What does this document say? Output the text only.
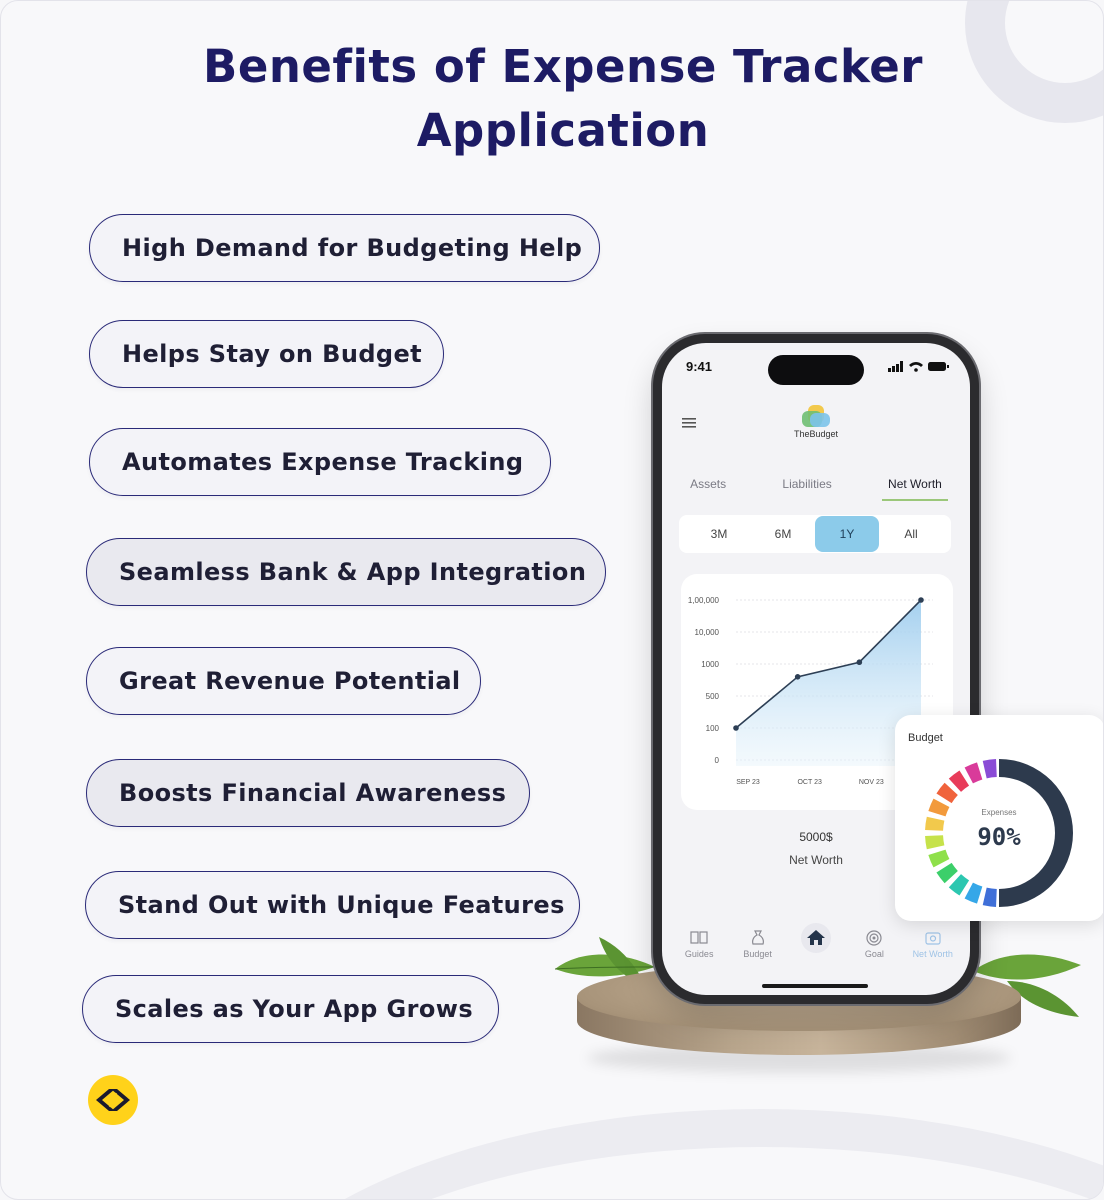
Benefits of Expense Tracker
Application
High Demand for Budgeting Help
Helps Stay on Budget
Automates Expense Tracking
Seamless Bank & App Integration
Great Revenue Potential
Boosts Financial Awareness
Stand Out with Unique Features
Scales as Your App Grows
9:41
TheBudget
Assets	Liabilities	Net Worth
3M	6M	1Y	All
1,00,000
10,000
1000
500
100
0
SEP 23	OCT 23	NOV 23
5000$
Net Worth
Guides	Budget	Goal	Net Worth
Budget
Expenses
90%
